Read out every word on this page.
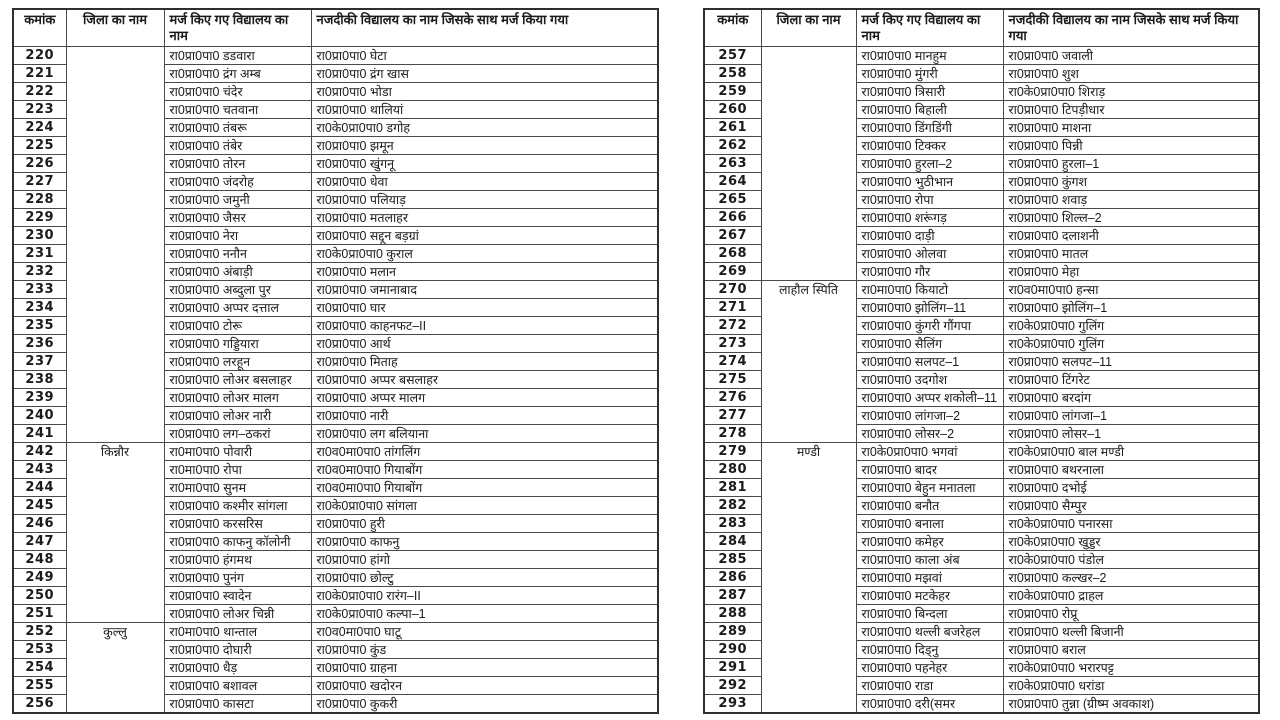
कमांक	जिला का नाम	मर्ज किए गए विद्यालय का नाम	नजदीकी विद्यालय का नाम जिसके साथ मर्ज किया गया
220		रा0प्रा0पा0 डडवारा	रा0प्रा0पा0 घेटा
221		रा0प्रा0पा0 द्रंग अम्ब	रा0प्रा0पा0 द्रंग खास
222		रा0प्रा0पा0 चंदेर	रा0प्रा0पा0 भोडा
223		रा0प्रा0पा0 चतवाना	रा0प्रा0पा0 थालियां
224		रा0प्रा0पा0 तंबरू	रा0के0प्रा0पा0 डगोह
225		रा0प्रा0पा0 तंबेर	रा0प्रा0पा0 झमून
226		रा0प्रा0पा0 तोरन	रा0प्रा0पा0 खुंगनू
227		रा0प्रा0पा0 जंदरोह	रा0प्रा0पा0 धेवा
228		रा0प्रा0पा0 जमुनी	रा0प्रा0पा0 पलियाड़
229		रा0प्रा0पा0 जैसर	रा0प्रा0पा0 मतलाहर
230		रा0प्रा0पा0 नेरा	रा0प्रा0पा0 सद्दून बड़ग्रां
231		रा0प्रा0पा0 ननौन	रा0के0प्रा0पा0 कुराल
232		रा0प्रा0पा0 अंबाड़ी	रा0प्रा0पा0 मलान
233		रा0प्रा0पा0 अब्दुला पुर	रा0प्रा0पा0 जमानाबाद
234		रा0प्रा0पा0 अप्पर दत्ताल	रा0प्रा0पा0 घार
235		रा0प्रा0पा0 टोरू	रा0प्रा0पा0 काहनफट–II
236		रा0प्रा0पा0 गड्डियारा	रा0प्रा0पा0 आर्थ
237		रा0प्रा0पा0 लरहून	रा0प्रा0पा0 मिताह
238		रा0प्रा0पा0 लोअर बसलाहर	रा0प्रा0पा0 अप्पर बसलाहर
239		रा0प्रा0पा0 लोअर मालग	रा0प्रा0पा0 अप्पर मालग
240		रा0प्रा0पा0 लोअर नारी	रा0प्रा0पा0 नारी
241		रा0प्रा0पा0 लग–ठकरां	रा0प्रा0पा0 लग बलियाना
242	किन्नौर	रा0मा0पा0 पोवारी	रा0व0मा0पा0 तांगलिंग
243		रा0मा0पा0 रोपा	रा0व0मा0पा0 गियाबोंग
244		रा0मा0पा0 सुनम	रा0व0मा0पा0 गियाबोंग
245		रा0प्रा0पा0 कश्मीर सांगला	रा0के0प्रा0पा0 सांगला
246		रा0प्रा0पा0 करसरिस	रा0प्रा0पा0 हुरी
247		रा0प्रा0पा0 काफनु कॉलोनी	रा0प्रा0पा0 काफनु
248		रा0प्रा0पा0 हंगमथ	रा0प्रा0पा0 हांगो
249		रा0प्रा0पा0 पुनंग	रा0प्रा0पा0 छोल्टु
250		रा0प्रा0पा0 स्वादेन	रा0के0प्रा0पा0 रारंग–II
251		रा0प्रा0पा0 लोअर चिन्नी	रा0के0प्रा0पा0 कल्पा–1
252	कुल्लु	रा0मा0पा0 थान्ताल	रा0व0मा0पा0 घाटू
253		रा0प्रा0पा0 दोघारी	रा0प्रा0पा0 कुंड
254		रा0प्रा0पा0 धैड़	रा0प्रा0पा0 ग्राहना
255		रा0प्रा0पा0 बशावल	रा0प्रा0पा0 खदोरन
256		रा0प्रा0पा0 कासटा	रा0प्रा0पा0 कुकरी
कमांक	जिला का नाम	मर्ज किए गए विद्यालय का नाम	नजदीकी विद्यालय का नाम जिसके साथ मर्ज किया गया
257		रा0प्रा0पा0 मानहुम	रा0प्रा0पा0 जवाली
258		रा0प्रा0पा0 मुंगरी	रा0प्रा0पा0 शुश
259		रा0प्रा0पा0 त्रिसारी	रा0के0प्रा0पा0 शिराड़
260		रा0प्रा0पा0 बिहाली	रा0प्रा0पा0 टिपड़ीधार
261		रा0प्रा0पा0 डिंगडिंगी	रा0प्रा0पा0 माशना
262		रा0प्रा0पा0 टिक्कर	रा0प्रा0पा0 पिन्नी
263		रा0प्रा0पा0 हुरला–2	रा0प्रा0पा0 हुरला–1
264		रा0प्रा0पा0 भुठीभान	रा0प्रा0पा0 कुंगश
265		रा0प्रा0पा0 रोपा	रा0प्रा0पा0 शवाड़
266		रा0प्रा0पा0 शरूंगड़	रा0प्रा0पा0 शिल्ल–2
267		रा0प्रा0पा0 दाड़ी	रा0प्रा0पा0 दलाशनी
268		रा0प्रा0पा0 ओलवा	रा0प्रा0पा0 मातल
269		रा0प्रा0पा0 गौर	रा0प्रा0पा0 मेहा
270	लाहौल स्पिति	रा0मा0पा0 कियाटो	रा0व0मा0पा0 हन्सा
271		रा0प्रा0पा0 झोलिंग–11	रा0प्रा0पा0 झोलिंग–1
272		रा0प्रा0पा0 कुंगरी गौंगपा	रा0के0प्रा0पा0 गुलिंग
273		रा0प्रा0पा0 सैलिंग	रा0के0प्रा0पा0 गुलिंग
274		रा0प्रा0पा0 सलपट–1	रा0प्रा0पा0 सलपट–11
275		रा0प्रा0पा0 उदगोश	रा0प्रा0पा0 टिंगरेट
276		रा0प्रा0पा0 अप्पर शकोली–11	रा0प्रा0पा0 बरदांग
277		रा0प्रा0पा0 लांगजा–2	रा0प्रा0पा0 लांगजा–1
278		रा0प्रा0पा0 लोसर–2	रा0प्रा0पा0 लोसर–1
279	मण्डी	रा0के0प्रा0पा0 भगवां	रा0के0प्रा0पा0 बाल मण्डी
280		रा0प्रा0पा0 बादर	रा0प्रा0पा0 बथरनाला
281		रा0प्रा0पा0 बेहुन मनातला	रा0प्रा0पा0 दभोई
282		रा0प्रा0पा0 बनौत	रा0प्रा0पा0 सैम्पुर
283		रा0प्रा0पा0 बनाला	रा0के0प्रा0पा0 पनारसा
284		रा0प्रा0पा0 कमेहर	रा0के0प्रा0पा0 खुड्डर
285		रा0प्रा0पा0 काला अंब	रा0के0प्रा0पा0 पंडोल
286		रा0प्रा0पा0 मझवां	रा0प्रा0पा0 कल्खर–2
287		रा0प्रा0पा0 मटकेहर	रा0के0प्रा0पा0 द्राहल
288		रा0प्रा0पा0 बिन्दला	रा0प्रा0पा0 रोप्रू
289		रा0प्रा0पा0 थल्ली बजरेहल	रा0प्रा0पा0 थल्ली बिजानी
290		रा0प्रा0पा0 दिड्नु	रा0प्रा0पा0 बराल
291		रा0प्रा0पा0 पहनेहर	रा0के0प्रा0पा0 भरारपट्ट
292		रा0प्रा0पा0 राडा	रा0के0प्रा0पा0 धरांडा
293		रा0प्रा0पा0 दरी(समर	रा0प्रा0पा0 तुन्ना (ग्रीष्म अवकाश)
